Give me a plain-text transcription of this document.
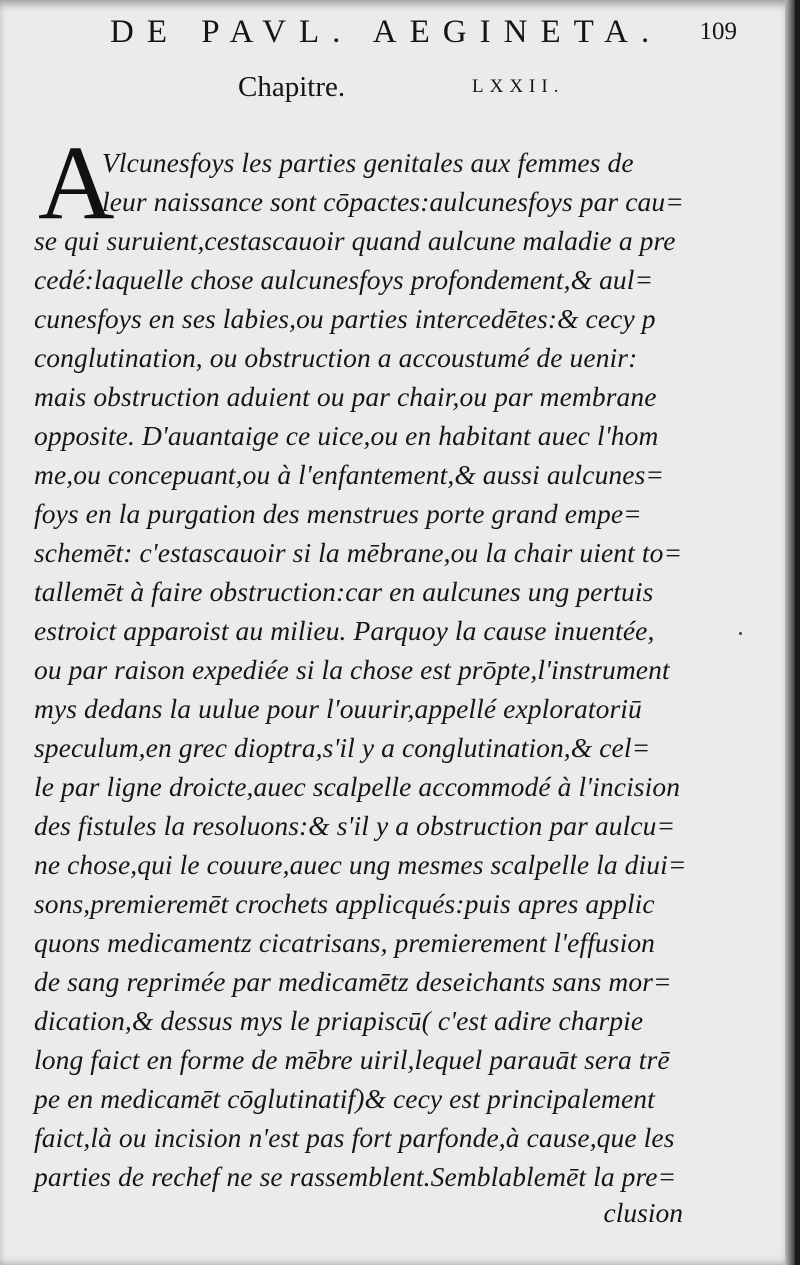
DE PAVL. AEGINETA. 109
Chapitre.	LXXII.
A
Vlcunesfoys les parties genitales aux femmes de
leur naissance sont cōpactes:aulcunesfoys par cau=
se qui suruient,cestascauoir quand aulcune maladie a pre
cedé:laquelle chose aulcunesfoys profondement,& aul=
cunesfoys en ses labies,ou parties intercedētes:& cecy p
conglutination, ou obstruction a accoustumé de uenir:
mais obstruction aduient ou par chair,ou par membrane
opposite. D'auantaige ce uice,ou en habitant auec l'hom
me,ou concepuant,ou à l'enfantement,& aussi aulcunes=
foys en la purgation des menstrues porte grand empe=
schemēt: c'estascauoir si la mēbrane,ou la chair uient to=
tallemēt à faire obstruction:car en aulcunes ung pertuis
estroict apparoist au milieu. Parquoy la cause inuentée,
ou par raison expediée si la chose est prōpte,l'instrument
mys dedans la uulue pour l'ouurir,appellé exploratoriū
speculum,en grec dioptra,s'il y a conglutination,& cel=
le par ligne droicte,auec scalpelle accommodé à l'incision
des fistules la resoluons:& s'il y a obstruction par aulcu=
ne chose,qui le couure,auec ung mesmes scalpelle la diui=
sons,premieremēt crochets applicqués:puis apres applic
quons medicamentz cicatrisans, premierement l'effusion
de sang reprimée par medicamētz deseichants sans mor=
dication,& dessus mys le priapiscū( c'est adire charpie
long faict en forme de mēbre uiril,lequel parauāt sera trē
pe en medicamēt cōglutinatif)& cecy est principalement
faict,là ou incision n'est pas fort parfonde,à cause,que les
parties de rechef ne se rassemblent.Semblablemēt la pre=
clusion
